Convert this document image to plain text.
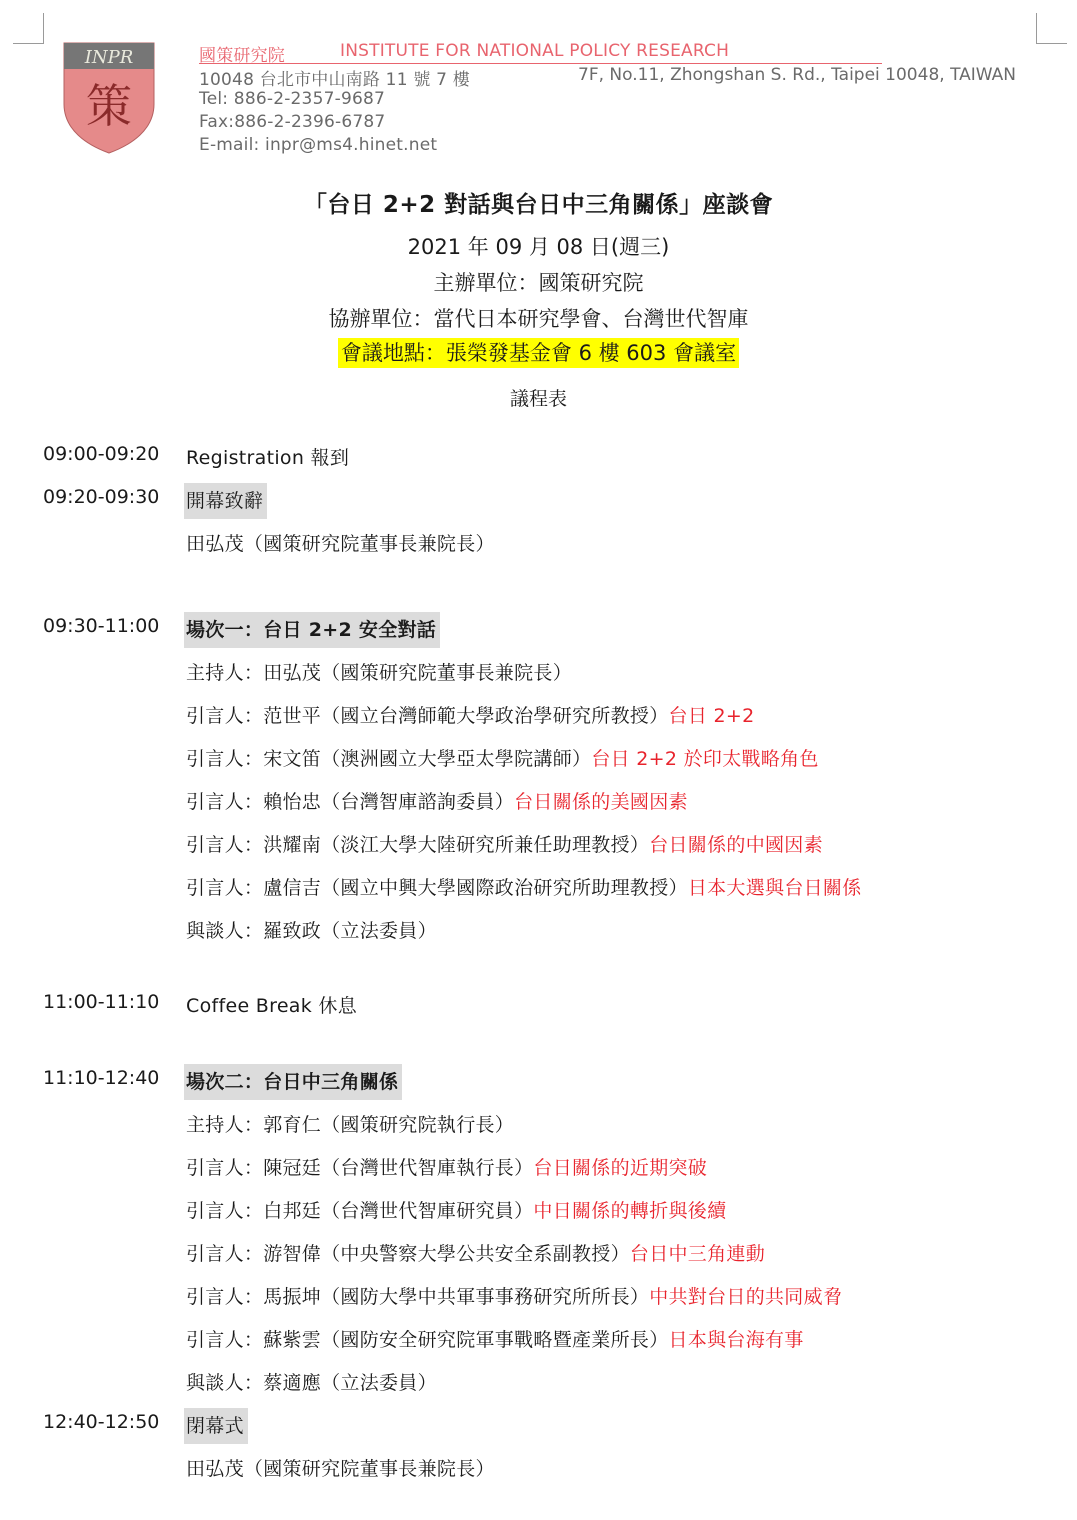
INPR
策
國策研究院	INSTITUTE FOR NATIONAL POLICY RESEARCH
10048 台北市中山南路 11 號 7 樓	7F, No.11, Zhongshan S. Rd., Taipei 10048, TAIWAN
Tel: 886-2-2357-9687
Fax:886-2-2396-6787
E-mail: inpr@ms4.hinet.net
「台日 2+2 對話與台日中三角關係」座談會
2021 年 09 月 08 日(週三)
主辦單位：國策研究院
協辦單位：當代日本研究學會、台灣世代智庫
會議地點：張榮發基金會 6 樓 603 會議室
議程表
09:00-09:20 Registration 報到
09:20-09:30 開幕致辭
田弘茂（國策研究院董事長兼院長）
09:30-11:00 場次一：台日 2+2 安全對話
主持人：田弘茂（國策研究院董事長兼院長）
引言人：范世平（國立台灣師範大學政治學研究所教授）台日 2+2
引言人：宋文笛（澳洲國立大學亞太學院講師）台日 2+2 於印太戰略角色
引言人：賴怡忠（台灣智庫諮詢委員）台日關係的美國因素
引言人：洪耀南（淡江大學大陸研究所兼任助理教授）台日關係的中國因素
引言人：盧信吉（國立中興大學國際政治研究所助理教授）日本大選與台日關係
與談人：羅致政（立法委員）
11:00-11:10 Coffee Break 休息
11:10-12:40 場次二：台日中三角關係
主持人：郭育仁（國策研究院執行長）
引言人：陳冠廷（台灣世代智庫執行長）台日關係的近期突破
引言人：白邦廷（台灣世代智庫研究員）中日關係的轉折與後續
引言人：游智偉（中央警察大學公共安全系副教授）台日中三角連動
引言人：馬振坤（國防大學中共軍事事務研究所所長）中共對台日的共同威脅
引言人：蘇紫雲（國防安全研究院軍事戰略暨產業所長）日本與台海有事
與談人：蔡適應（立法委員）
12:40-12:50 閉幕式
田弘茂（國策研究院董事長兼院長）
